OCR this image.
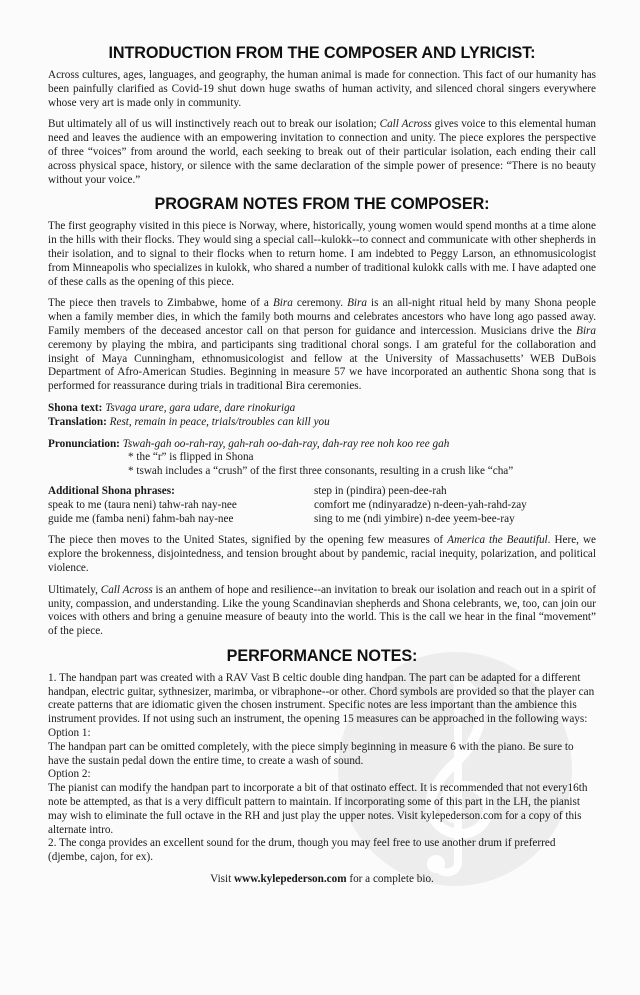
INTRODUCTION FROM THE COMPOSER AND LYRICIST:

Across cultures, ages, languages, and geography, the human animal is made for connection. This fact of our humanity has been painfully clarified as Covid-19 shut down huge swaths of human activity, and silenced choral singers everywhere whose very art is made only in community.

But ultimately all of us will instinctively reach out to break our isolation; Call Across gives voice to this elemental human need and leaves the audience with an empowering invitation to connection and unity. The piece explores the perspective of three “voices” from around the world, each seeking to break out of their particular isolation, each ending their call across physical space, history, or silence with the same declaration of the simple power of presence: “There is no beauty without your voice.”

PROGRAM NOTES FROM THE COMPOSER:

The first geography visited in this piece is Norway, where, historically, young women would spend months at a time alone in the hills with their flocks. They would sing a special call--kulokk--to connect and communicate with other shepherds in their isolation, and to signal to their flocks when to return home. I am indebted to Peggy Larson, an ethnomusicologist from Minneapolis who specializes in kulokk, who shared a number of traditional kulokk calls with me. I have adapted one of these calls as the opening of this piece.

The piece then travels to Zimbabwe, home of a Bira ceremony. Bira is an all-night ritual held by many Shona people when a family member dies, in which the family both mourns and celebrates ancestors who have long ago passed away. Family members of the deceased ancestor call on that person for guidance and intercession. Musicians drive the Bira ceremony by playing the mbira, and participants sing traditional choral songs. I am grateful for the collaboration and insight of Maya Cunningham, ethnomusicologist and fellow at the University of Massachusetts’ WEB DuBois Department of Afro-American Studies. Beginning in measure 57 we have incorporated an authentic Shona song that is performed for reassurance during trials in traditional Bira ceremonies.

Shona text: Tsvaga urare, gara udare, dare rinokuriga
Translation: Rest, remain in peace, trials/troubles can kill you
Pronunciation: Tswah-gah oo-rah-ray, gah-rah oo-dah-ray, dah-ray ree noh koo ree gah
* the “r” is flipped in Shona
* tswah includes a “crush” of the first three consonants, resulting in a crush like “cha”
Additional Shona phrases:	step in (pindira) peen-dee-rah
speak to me (taura neni) tahw-rah nay-nee	comfort me (ndinyaradze) n-deen-yah-rahd-zay
guide me (famba neni) fahm-bah nay-nee	sing to me (ndi yimbire) n-dee yeem-bee-ray

The piece then moves to the United States, signified by the opening few measures of America the Beautiful. Here, we explore the brokenness, disjointedness, and tension brought about by pandemic, racial inequity, polarization, and political violence.

Ultimately, Call Across is an anthem of hope and resilience--an invitation to break our isolation and reach out in a spirit of unity, compassion, and understanding. Like the young Scandinavian shepherds and Shona celebrants, we, too, can join our voices with others and bring a genuine measure of beauty into the world. This is the call we hear in the final “movement” of the piece.

PERFORMANCE NOTES:

1. The handpan part was created with a RAV Vast B celtic double ding handpan. The part can be adapted for a different handpan, electric guitar, sythnesizer, marimba, or vibraphone--or other. Chord symbols are provided so that the player can create patterns that are idiomatic given the chosen instrument. Specific notes are less important than the ambience this instrument provides. If not using such an instrument, the opening 15 measures can be approached in the following ways:

Option 1:

The handpan part can be omitted completely, with the piece simply beginning in measure 6 with the piano. Be sure to have the sustain pedal down the entire time, to create a wash of sound.

Option 2:

The pianist can modify the handpan part to incorporate a bit of that ostinato effect. It is recommended that not every16th note be attempted, as that is a very difficult pattern to maintain. If incorporating some of this part in the LH, the pianist may wish to eliminate the full octave in the RH and just play the upper notes. Visit kylepederson.com for a copy of this alternate intro.

2. The conga provides an excellent sound for the drum, though you may feel free to use another drum if preferred (djembe, cajon, for ex).

Visit www.kylepederson.com for a complete bio.
